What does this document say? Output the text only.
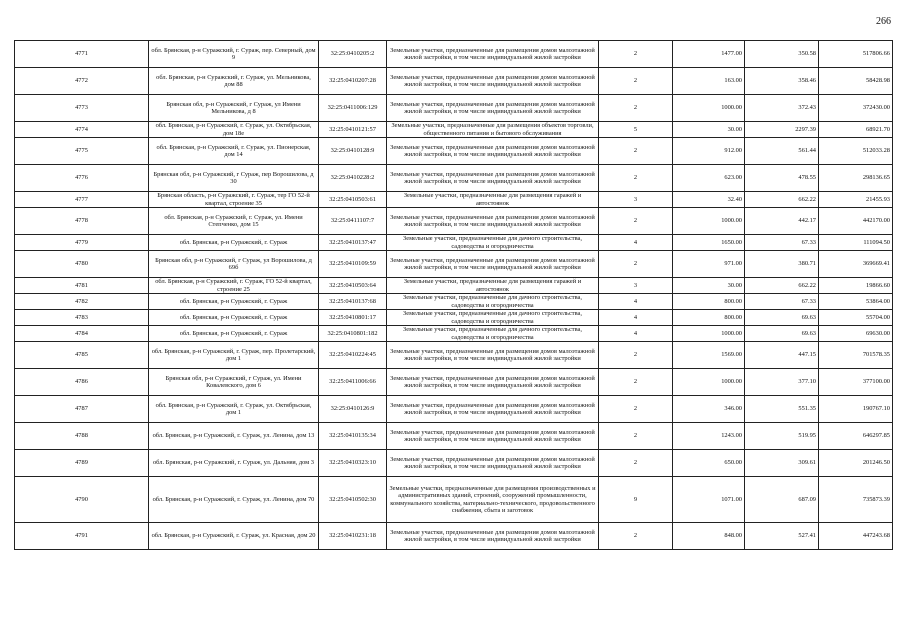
266
4771	обл. Брянская, р-н Суражский, г. Сураж, пер. Северный, дом 9	32:25:0410205:2	Земельные участки, предназначенные для размещения домов малоэтажной жилой застройки, в том числе индивидуальной жилой застройки	2	1477.00	350.58	517806.66
4772	обл. Брянская, р-н Суражский, г. Сураж, ул. Мельникова, дом 88	32:25:0410207:28	Земельные участки, предназначенные для размещения домов малоэтажной жилой застройки, в том числе индивидуальной жилой застройки	2	163.00	358.46	58428.98
4773	Брянская обл, р-н Суражский, г Сураж, ул Имени Мельникова, д 8	32:25:0411006:129	Земельные участки, предназначенные для размещения домов малоэтажной жилой застройки, в том числе индивидуальной жилой застройки	2	1000.00	372.43	372430.00
4774	обл. Брянская, р-н Суражский, г. Сураж, ул. Октябрьская, дом 18е	32:25:0410121:57	Земельные участки, предназначенные для размещения объектов торговли, общественного питания и бытового обслуживания	5	30.00	2297.39	68921.70
4775	обл. Брянская, р-н Суражский, г. Сураж, ул. Пионерская, дом 14	32:25:0410128:9	Земельные участки, предназначенные для размещения домов малоэтажной жилой застройки, в том числе индивидуальной жилой застройки	2	912.00	561.44	512033.28
4776	Брянская обл, р-н Суражский, г Сураж, пер Ворошилова, д 30	32:25:0410228:2	Земельные участки, предназначенные для размещения домов малоэтажной жилой застройки, в том числе индивидуальной жилой застройки	2	623.00	478.55	298136.65
4777	Брянская область, р-н Суражский, г. Сураж, тер ГО 52-й квартал, строение 35	32:25:0410503:61	Земельные участки, предназначенные для размещения гаражей и автостоянок	3	32.40	662.22	21455.93
4778	обл. Брянская, р-н Суражский, г. Сураж, ул. Имени Степченко, дом 15	32:25:0411107:7	Земельные участки, предназначенные для размещения домов малоэтажной жилой застройки, в том числе индивидуальной жилой застройки	2	1000.00	442.17	442170.00
4779	обл. Брянская, р-н Суражский, г. Сураж	32:25:0410137:47	Земельные участки, предназначенные для дачного строительства, садоводства и огородничества	4	1650.00	67.33	111094.50
4780	Брянская обл, р-н Суражский, г Сураж, ул Ворошилова, д 69б	32:25:0410109:59	Земельные участки, предназначенные для размещения домов малоэтажной жилой застройки, в том числе индивидуальной жилой застройки	2	971.00	380.71	369669.41
4781	обл. Брянская, р-н Суражский, г. Сураж, ГО 52-й квартал, строение 25	32:25:0410503:64	Земельные участки, предназначенные для размещения гаражей и автостоянок	3	30.00	662.22	19866.60
4782	обл. Брянская, р-н Суражский, г. Сураж	32:25:0410137:68	Земельные участки, предназначенные для дачного строительства, садоводства и огородничества	4	800.00	67.33	53864.00
4783	обл. Брянская, р-н Суражский, г. Сураж	32:25:0410801:17	Земельные участки, предназначенные для дачного строительства, садоводства и огородничества	4	800.00	69.63	55704.00
4784	обл. Брянская, р-н Суражский, г. Сураж	32:25:0410801:182	Земельные участки, предназначенные для дачного строительства, садоводства и огородничества	4	1000.00	69.63	69630.00
4785	обл. Брянская, р-н Суражский, г. Сураж, пер. Пролетарский, дом 1	32:25:0410224:45	Земельные участки, предназначенные для размещения домов малоэтажной жилой застройки, в том числе индивидуальной жилой застройки	2	1569.00	447.15	701578.35
4786	Брянская обл, р-н Суражский, г Сураж, ул. Имени Ковалевского, дом 6	32:25:0411006:66	Земельные участки, предназначенные для размещения домов малоэтажной жилой застройки, в том числе индивидуальной жилой застройки	2	1000.00	377.10	377100.00
4787	обл. Брянская, р-н Суражский, г. Сураж, ул. Октябрьская, дом 1	32:25:0410126:9	Земельные участки, предназначенные для размещения домов малоэтажной жилой застройки, в том числе индивидуальной жилой застройки	2	346.00	551.35	190767.10
4788	обл. Брянская, р-н Суражский, г. Сураж, ул. Ленина, дом 13	32:25:0410135:34	Земельные участки, предназначенные для размещения домов малоэтажной жилой застройки, в том числе индивидуальной жилой застройки	2	1243.00	519.95	646297.85
4789	обл. Брянская, р-н Суражский, г. Сураж, ул. Дальняя, дом 3	32:25:0410323:10	Земельные участки, предназначенные для размещения домов малоэтажной жилой застройки, в том числе индивидуальной жилой застройки	2	650.00	309.61	201246.50
4790	обл. Брянская, р-н Суражский, г. Сураж, ул. Ленина, дом 70	32:25:0410502:30	Земельные участки, предназначенные для размещения производственных и административных зданий, строений, сооружений промышленности, коммунального хозяйства, материально-технического, продовольственного снабжения, сбыта и заготовок	9	1071.00	687.09	735873.39
4791	обл. Брянская, р-н Суражский, г. Сураж, ул. Красная, дом 20	32:25:0410231:18	Земельные участки, предназначенные для размещения домов малоэтажной жилой застройки, в том числе индивидуальной жилой застройки	2	848.00	527.41	447243.68
